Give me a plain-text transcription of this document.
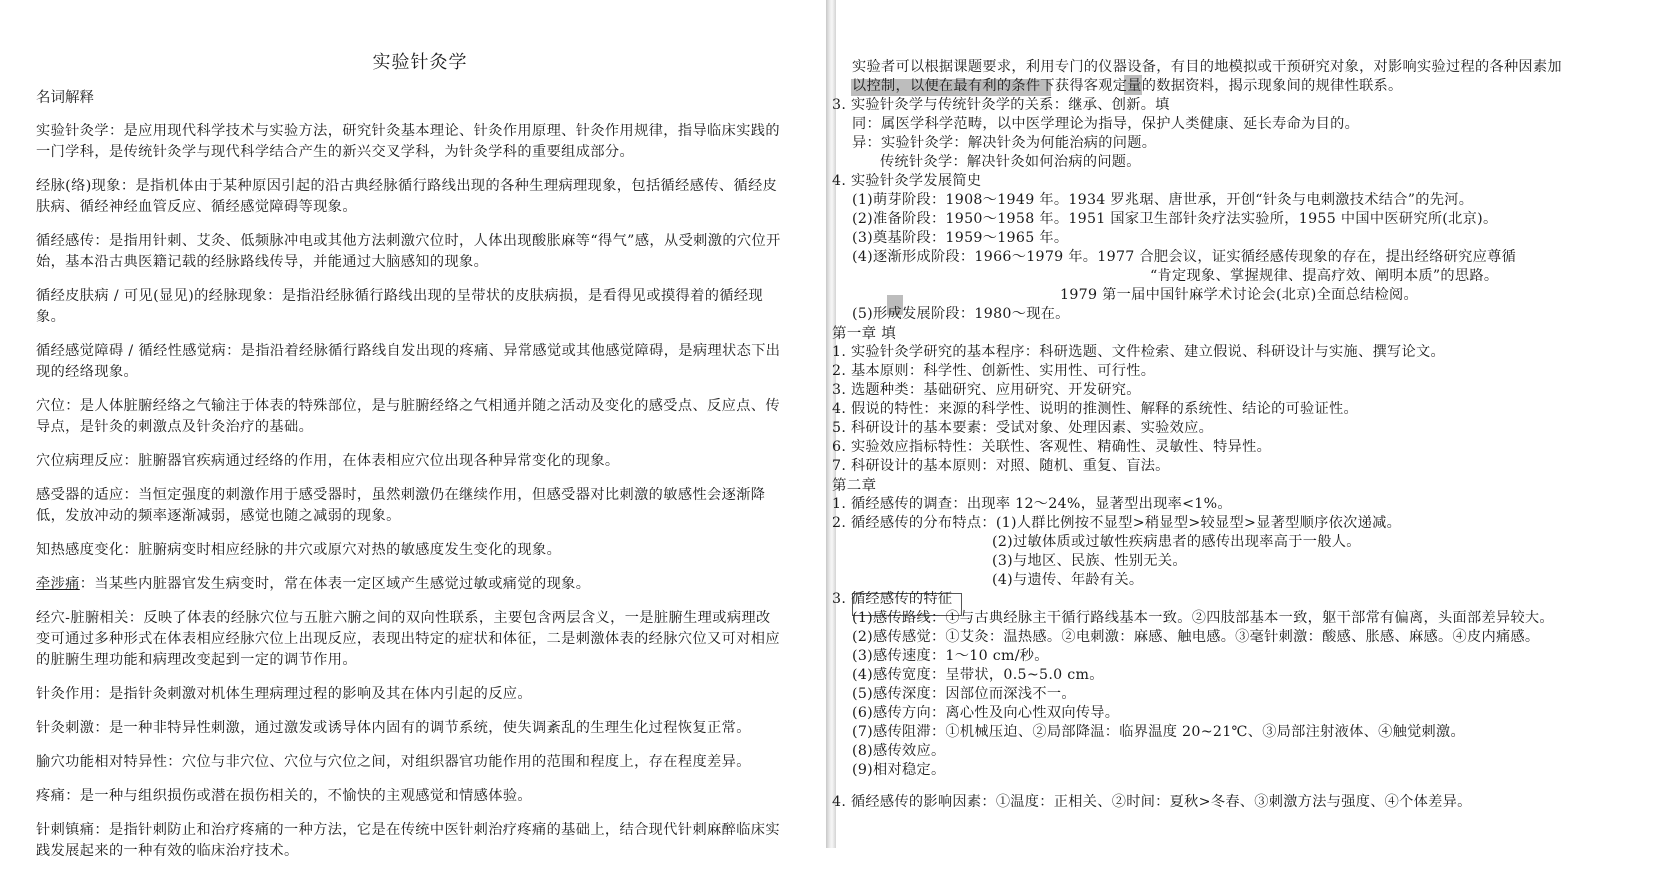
实验针灸学
名词解释

实验针灸学：是应用现代科学技术与实验方法，研究针灸基本理论、针灸作用原理、针灸作用规律，指导临床实践的一门学科，是传统针灸学与现代科学结合产生的新兴交叉学科，为针灸学科的重要组成部分。

经脉(络)现象：是指机体由于某种原因引起的沿古典经脉循行路线出现的各种生理病理现象，包括循经感传、循经皮肤病、循经神经血管反应、循经感觉障碍等现象。

循经感传：是指用针刺、艾灸、低频脉冲电或其他方法刺激穴位时，人体出现酸胀麻等“得气”感，从受刺激的穴位开始，基本沿古典医籍记载的经脉路线传导，并能通过大脑感知的现象。

循经皮肤病 / 可见(显见)的经脉现象：是指沿经脉循行路线出现的呈带状的皮肤病损，是看得见或摸得着的循经现象。

循经感觉障碍 / 循经性感觉病：是指沿着经脉循行路线自发出现的疼痛、异常感觉或其他感觉障碍，是病理状态下出现的经络现象。

穴位：是人体脏腑经络之气输注于体表的特殊部位，是与脏腑经络之气相通并随之活动及变化的感受点、反应点、传导点，是针灸的刺激点及针灸治疗的基础。

穴位病理反应：脏腑器官疾病通过经络的作用，在体表相应穴位出现各种异常变化的现象。

感受器的适应：当恒定强度的刺激作用于感受器时，虽然刺激仍在继续作用，但感受器对比刺激的敏感性会逐渐降低，发放冲动的频率逐渐减弱，感觉也随之减弱的现象。

知热感度变化：脏腑病变时相应经脉的井穴或原穴对热的敏感度发生变化的现象。

牵涉痛：当某些内脏器官发生病变时，常在体表一定区域产生感觉过敏或痛觉的现象。

经穴-脏腑相关：反映了体表的经脉穴位与五脏六腑之间的双向性联系，主要包含两层含义，一是脏腑生理或病理改变可通过多种形式在体表相应经脉穴位上出现反应，表现出特定的症状和体征，二是刺激体表的经脉穴位又可对相应的脏腑生理功能和病理改变起到一定的调节作用。

针灸作用：是指针灸刺激对机体生理病理过程的影响及其在体内引起的反应。

针灸刺激：是一种非特异性刺激，通过激发或诱导体内固有的调节系统，使失调紊乱的生理生化过程恢复正常。

腧穴功能相对特异性：穴位与非穴位、穴位与穴位之间，对组织器官功能作用的范围和程度上，存在程度差异。

疼痛：是一种与组织损伤或潜在损伤相关的，不愉快的主观感觉和情感体验。

针刺镇痛：是指针刺防止和治疗疼痛的一种方法，它是在传统中医针刺治疗疼痛的基础上，结合现代针刺麻醉临床实践发展起来的一种有效的临床治疗技术。

实验者可以根据课题要求，利用专门的仪器设备，有目的地模拟或干预研究对象，对影响实验过程的各种因素加
以控制，以便在最有利的条件下获得客观定量的数据资料，揭示现象间的规律性联系。
3. 实验针灸学与传统针灸学的关系：继承、创新。填
同：属医学科学范畴，以中医学理论为指导，保护人类健康、延长寿命为目的。
异：实验针灸学：解决针灸为何能治病的问题。
传统针灸学：解决针灸如何治病的问题。
4. 实验针灸学发展简史
(1)萌芽阶段：1908～1949 年。1934 罗兆琚、唐世承，开创“针灸与电刺激技术结合”的先河。
(2)准备阶段：1950～1958 年。1951 国家卫生部针灸疗法实验所，1955 中国中医研究所(北京)。
(3)奠基阶段：1959～1965 年。
(4)逐渐形成阶段：1966～1979 年。1977 合肥会议，证实循经感传现象的存在，提出经络研究应尊循
“肯定现象、掌握规律、提高疗效、阐明本质”的思路。
1979 第一届中国针麻学术讨论会(北京)全面总结检阅。
(5)形成发展阶段：1980～现在。
第一章 填
1. 实验针灸学研究的基本程序：科研选题、文件检索、建立假说、科研设计与实施、撰写论文。
2. 基本原则：科学性、创新性、实用性、可行性。
3. 选题种类：基础研究、应用研究、开发研究。
4. 假说的特性：来源的科学性、说明的推测性、解释的系统性、结论的可验证性。
5. 科研设计的基本要素：受试对象、处理因素、实验效应。
6. 实验效应指标特性：关联性、客观性、精确性、灵敏性、特异性。
7. 科研设计的基本原则：对照、随机、重复、盲法。
第二章
1. 循经感传的调查：出现率 12～24%，显著型出现率<1%。
2. 循经感传的分布特点：(1)人群比例按不显型>稍显型>较显型>显著型顺序依次递减。
(2)过敏体质或过敏性疾病患者的感传出现率高于一般人。
(3)与地区、民族、性别无关。
(4)与遗传、年龄有关。
3. 循经感传的特征
(1)感传路线：①与古典经脉主干循行路线基本一致。②四肢部基本一致，躯干部常有偏离，头面部差异较大。
(2)感传感觉：①艾灸：温热感。②电刺激：麻感、触电感。③毫针刺激：酸感、胀感、麻感。④皮内痛感。
(3)感传速度：1～10 cm/秒。
(4)感传宽度：呈带状，0.5~5.0 cm。
(5)感传深度：因部位而深浅不一。
(6)感传方向：离心性及向心性双向传导。
(7)感传阻滞：①机械压迫、②局部降温：临界温度 20~21℃、③局部注射液体、④触觉刺激。
(8)感传效应。
(9)相对稳定。
4. 循经感传的影响因素：①温度：正相关、②时间：夏秋>冬春、③刺激方法与强度、④个体差异。
